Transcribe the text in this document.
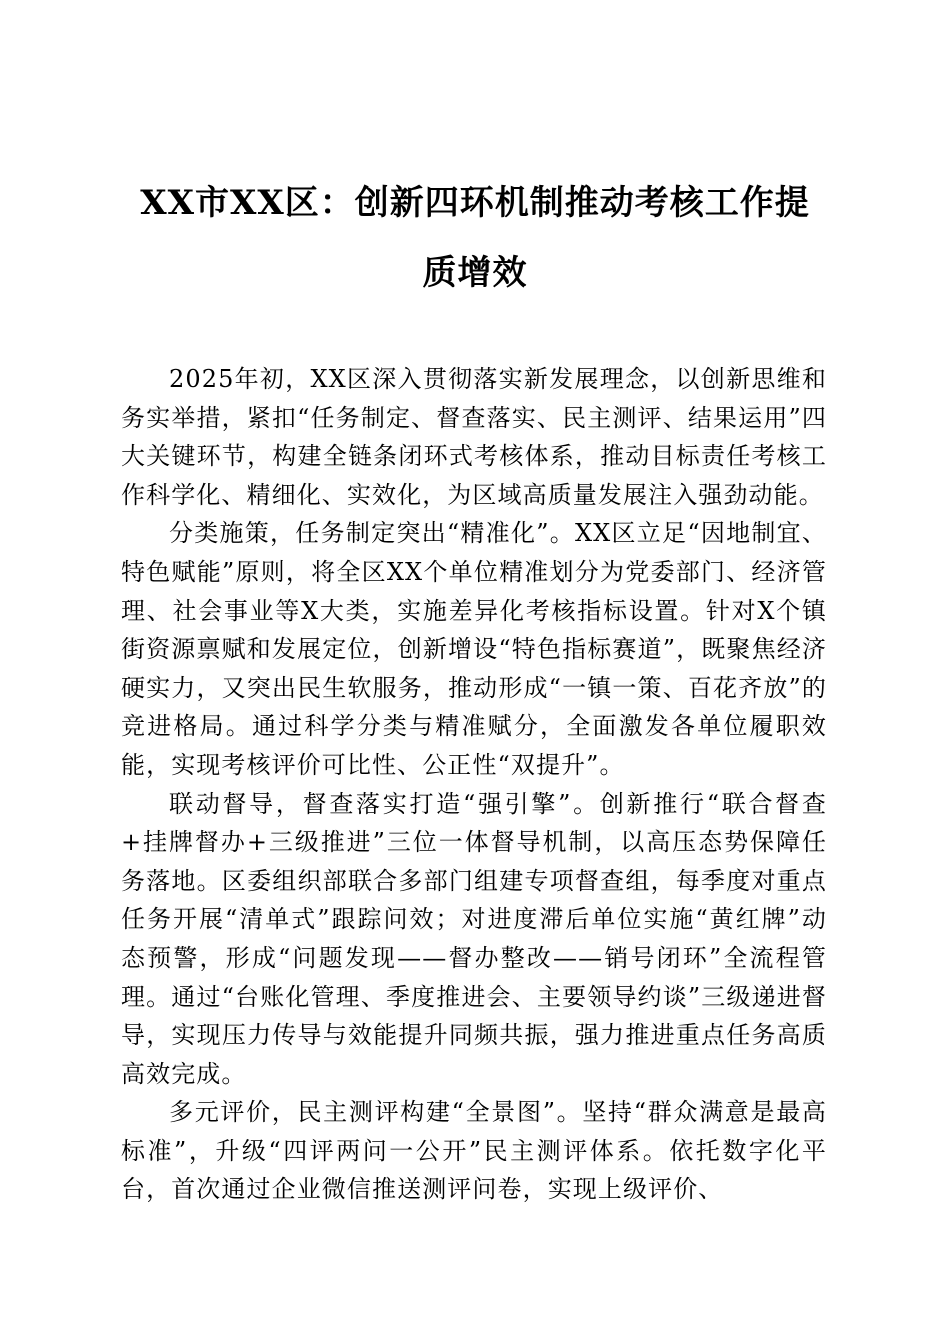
XX市XX区：创新四环机制推动考核工作提
质增效

2025年初，XX区深入贯彻落实新发展理念，以创新思维和务实举措，紧扣“任务制定、督查落实、民主测评、结果运用”四大关键环节，构建全链条闭环式考核体系，推动目标责任考核工作科学化、精细化、实效化，为区域高质量发展注入强劲动能。

分类施策，任务制定突出“精准化”。XX区立足“因地制宜、特色赋能”原则，将全区XX个单位精准划分为党委部门、经济管理、社会事业等X大类，实施差异化考核指标设置。针对X个镇街资源禀赋和发展定位，创新增设“特色指标赛道”，既聚焦经济硬实力，又突出民生软服务，推动形成“一镇一策、百花齐放”的竞进格局。通过科学分类与精准赋分，全面激发各单位履职效能，实现考核评价可比性、公正性“双提升”。

联动督导，督查落实打造“强引擎”。创新推行“联合督查+挂牌督办+三级推进”三位一体督导机制，以高压态势保障任务落地。区委组织部联合多部门组建专项督查组，每季度对重点任务开展“清单式”跟踪问效；对进度滞后单位实施“黄红牌”动态预警，形成“问题发现——督办整改——销号闭环”全流程管理。通过“台账化管理、季度推进会、主要领导约谈”三级递进督导，实现压力传导与效能提升同频共振，强力推进重点任务高质高效完成。

多元评价，民主测评构建“全景图”。坚持“群众满意是最高标准”，升级“四评两问一公开”民主测评体系。依托数字化平台，首次通过企业微信推送测评问卷，实现上级评价、
